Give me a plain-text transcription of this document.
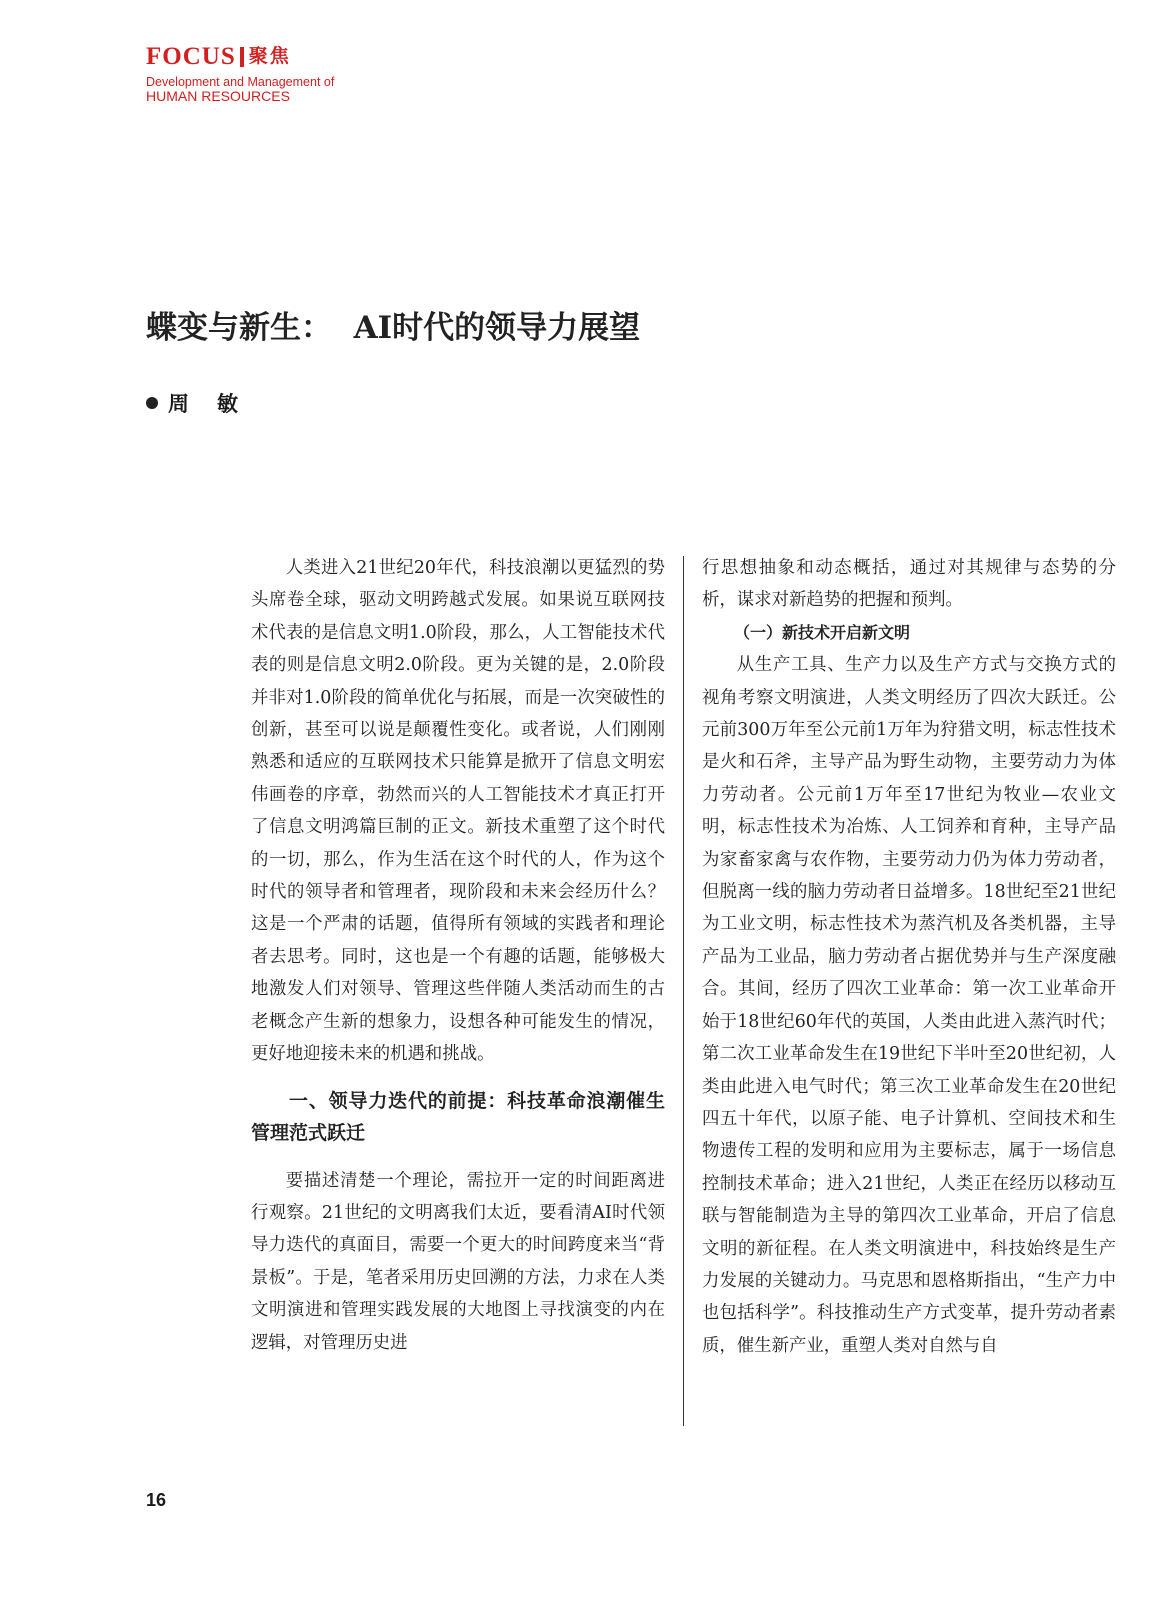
FOCUS 聚焦
Development and Management of
HUMAN RESOURCES
蝶变与新生：  AI时代的领导力展望
周敏

人类进入21世纪20年代，科技浪潮以更猛烈的势头席卷全球，驱动文明跨越式发展。如果说互联网技术代表的是信息文明1.0阶段，那么，人工智能技术代表的则是信息文明2.0阶段。更为关键的是，2.0阶段并非对1.0阶段的简单优化与拓展，而是一次突破性的创新，甚至可以说是颠覆性变化。或者说，人们刚刚熟悉和适应的互联网技术只能算是掀开了信息文明宏伟画卷的序章，勃然而兴的人工智能技术才真正打开了信息文明鸿篇巨制的正文。新技术重塑了这个时代的一切，那么，作为生活在这个时代的人，作为这个时代的领导者和管理者，现阶段和未来会经历什么？这是一个严肃的话题，值得所有领域的实践者和理论者去思考。同时，这也是一个有趣的话题，能够极大地激发人们对领导、管理这些伴随人类活动而生的古老概念产生新的想象力，设想各种可能发生的情况，更好地迎接未来的机遇和挑战。

一、领导力迭代的前提：科技革命浪潮催生管理范式跃迁

要描述清楚一个理论，需拉开一定的时间距离进行观察。21世纪的文明离我们太近，要看清AI时代领导力迭代的真面目，需要一个更大的时间跨度来当“背景板”。于是，笔者采用历史回溯的方法，力求在人类文明演进和管理实践发展的大地图上寻找演变的内在逻辑，对管理历史进

行思想抽象和动态概括，通过对其规律与态势的分析，谋求对新趋势的把握和预判。

（一）新技术开启新文明

从生产工具、生产力以及生产方式与交换方式的视角考察文明演进，人类文明经历了四次大跃迁。公元前300万年至公元前1万年为狩猎文明，标志性技术是火和石斧，主导产品为野生动物，主要劳动力为体力劳动者。公元前1万年至17世纪为牧业—农业文明，标志性技术为冶炼、人工饲养和育种，主导产品为家畜家禽与农作物，主要劳动力仍为体力劳动者，但脱离一线的脑力劳动者日益增多。18世纪至21世纪为工业文明，标志性技术为蒸汽机及各类机器，主导产品为工业品，脑力劳动者占据优势并与生产深度融合。其间，经历了四次工业革命：第一次工业革命开始于18世纪60年代的英国，人类由此进入蒸汽时代；第二次工业革命发生在19世纪下半叶至20世纪初，人类由此进入电气时代；第三次工业革命发生在20世纪四五十年代，以原子能、电子计算机、空间技术和生物遗传工程的发明和应用为主要标志，属于一场信息控制技术革命；进入21世纪，人类正在经历以移动互联与智能制造为主导的第四次工业革命，开启了信息文明的新征程。在人类文明演进中，科技始终是生产力发展的关键动力。马克思和恩格斯指出，“生产力中也包括科学”。科技推动生产方式变革，提升劳动者素质，催生新产业，重塑人类对自然与自

16
